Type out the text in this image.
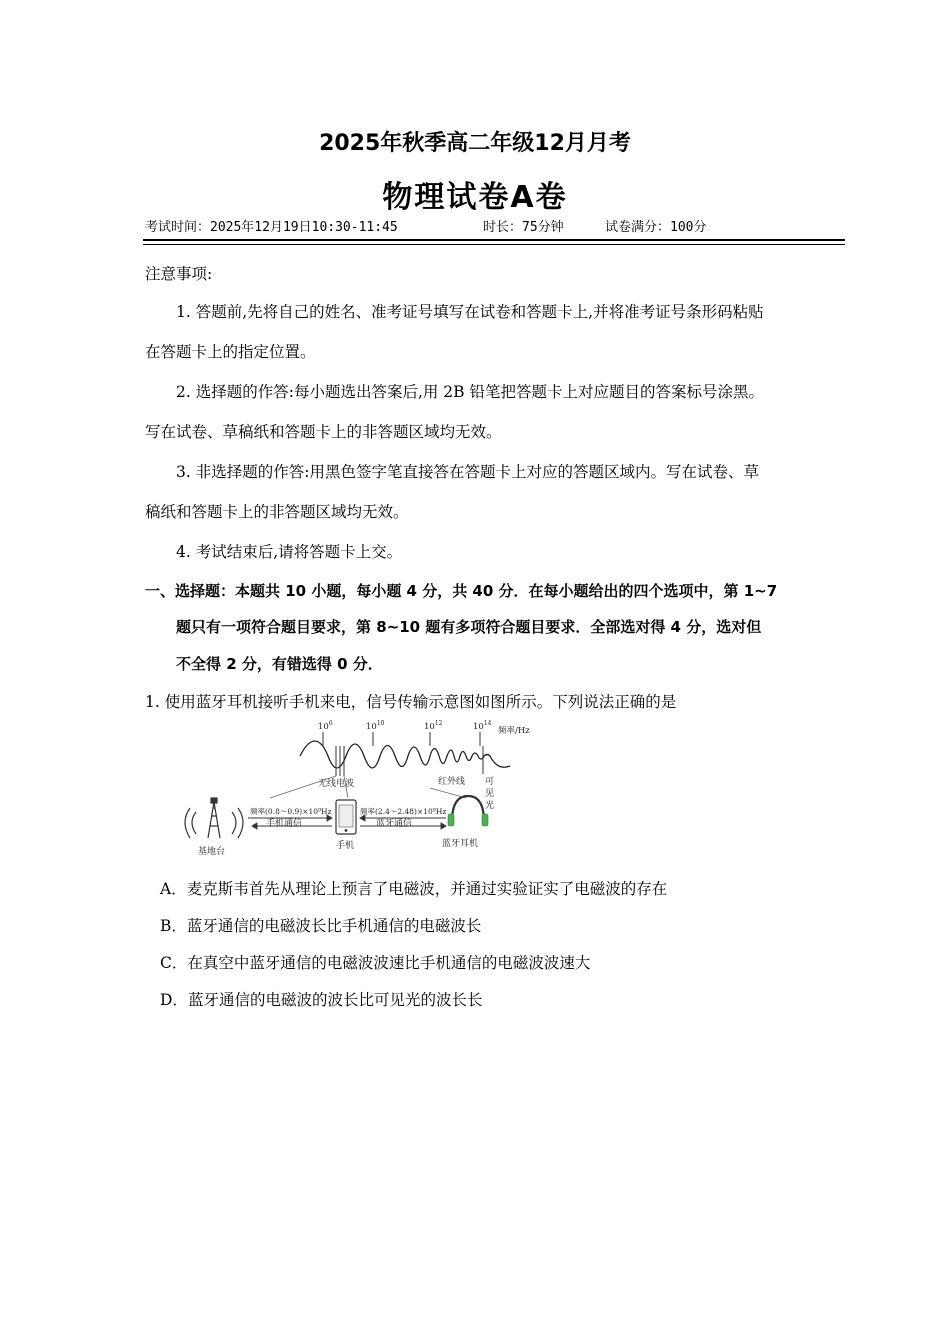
2025年秋季高二年级12月月考
物理试卷A卷
考试时间：2025年12月19日10:30-11:45	时长：75分钟	试卷满分：100分
注意事项:
1. 答题前,先将自己的姓名、准考证号填写在试卷和答题卡上,并将准考证号条形码粘贴
在答题卡上的指定位置。
2. 选择题的作答:每小题选出答案后,用 2B 铅笔把答题卡上对应题目的答案标号涂黑。
写在试卷、草稿纸和答题卡上的非答题区域均无效。
3. 非选择题的作答:用黑色签字笔直接答在答题卡上对应的答题区域内。写在试卷、草
稿纸和答题卡上的非答题区域均无效。
4. 考试结束后,请将答题卡上交。
一、选择题：本题共 10 小题，每小题 4 分，共 40 分．在每小题给出的四个选项中，第 1~7
题只有一项符合题目要求，第 8~10 题有多项符合题目要求．全部选对得 4 分，选对但
不全得 2 分，有错选得 0 分．
1. 使用蓝牙耳机接听手机来电，信号传输示意图如图所示。下列说法正确的是
$10^6$	$10^{10}$	$10^{12}$	$10^{14}$
频率/Hz
无线电波	红外线 可
见
光
基地台
频率(0.8～0.9)×10⁹Hz
手机通信
手机
频率(2.4～2.48)×10⁹Hz
蓝牙通信
蓝牙耳机
A．麦克斯韦首先从理论上预言了电磁波，并通过实验证实了电磁波的存在
B．蓝牙通信的电磁波长比手机通信的电磁波长
C．在真空中蓝牙通信的电磁波波速比手机通信的电磁波波速大
D．蓝牙通信的电磁波的波长比可见光的波长长
